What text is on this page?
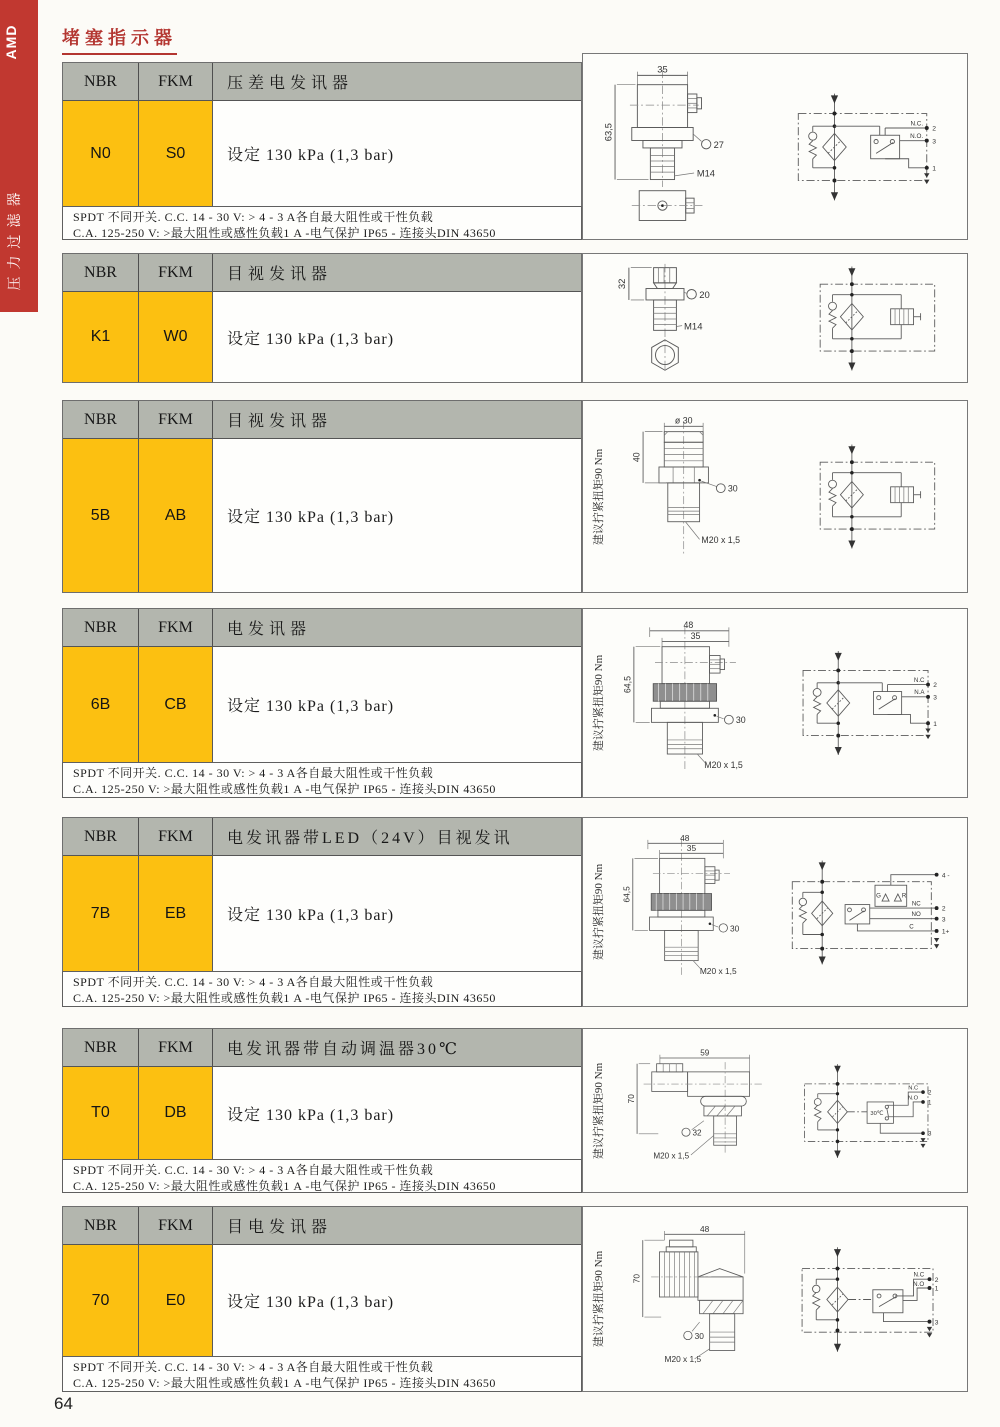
AMD
压力过滤器
堵塞指示器
NBR	FKM	压差电发讯器
N0	S0	设定 130 kPa (1,3 bar)
SPDT 不同开关. C.C. 14 - 30 V: > 4 - 3 A各自最大阻性或干性负载
C.A. 125-250 V: >最大阻性或感性负载1 A -电气保护 IP65 - 连接头DIN 43650
35
63,5
27
M14
N.C.
N.O.
2
3
1
NBR	FKM	目视发讯器
K1	W0	设定 130 kPa (1,3 bar)
32
20
M14
NBR	FKM	目视发讯器
5B	AB	设定 130 kPa (1,3 bar)	建议拧紧扭矩90 Nm
ø 30
40
30
M20 x 1,5
NBR	FKM	电发讯器
6B	CB	设定 130 kPa (1,3 bar)
SPDT 不同开关. C.C. 14 - 30 V: > 4 - 3 A各自最大阻性或干性负载
C.A. 125-250 V: >最大阻性或感性负载1 A -电气保护 IP65 - 连接头DIN 43650
建议拧紧扭矩90 Nm
48
35
64,5
30
M20 x 1,5
N.C
N.A
2
3
1
NBR	FKM	电发讯器带LED（24V）目视发讯
7B	EB	设定 130 kPa (1,3 bar)
SPDT 不同开关. C.C. 14 - 30 V: > 4 - 3 A各自最大阻性或干性负载
C.A. 125-250 V: >最大阻性或感性负载1 A -电气保护 IP65 - 连接头DIN 43650
建议拧紧扭矩90 Nm
48
35
64,5
30
M20 x 1,5
G	R
4 -
NC
NO
C
2
3
1+
NBR	FKM	电发讯器带自动调温器30℃
T0	DB	设定 130 kPa (1,3 bar)
SPDT 不同开关. C.C. 14 - 30 V: > 4 - 3 A各自最大阻性或干性负载
C.A. 125-250 V: >最大阻性或感性负载1 A -电气保护 IP65 - 连接头DIN 43650
建议拧紧扭矩90 Nm
59
70
32
M20 x 1,5
30℃
N.C
N.O
2
1
3
NBR	FKM	目电发讯器
70	E0	设定 130 kPa (1,3 bar)
SPDT 不同开关. C.C. 14 - 30 V: > 4 - 3 A各自最大阻性或干性负载
C.A. 125-250 V: >最大阻性或感性负载1 A -电气保护 IP65 - 连接头DIN 43650
建议拧紧扭矩90 Nm
48
70
30
M20 x 1,5
N.C
N.O
2
1
3
64
